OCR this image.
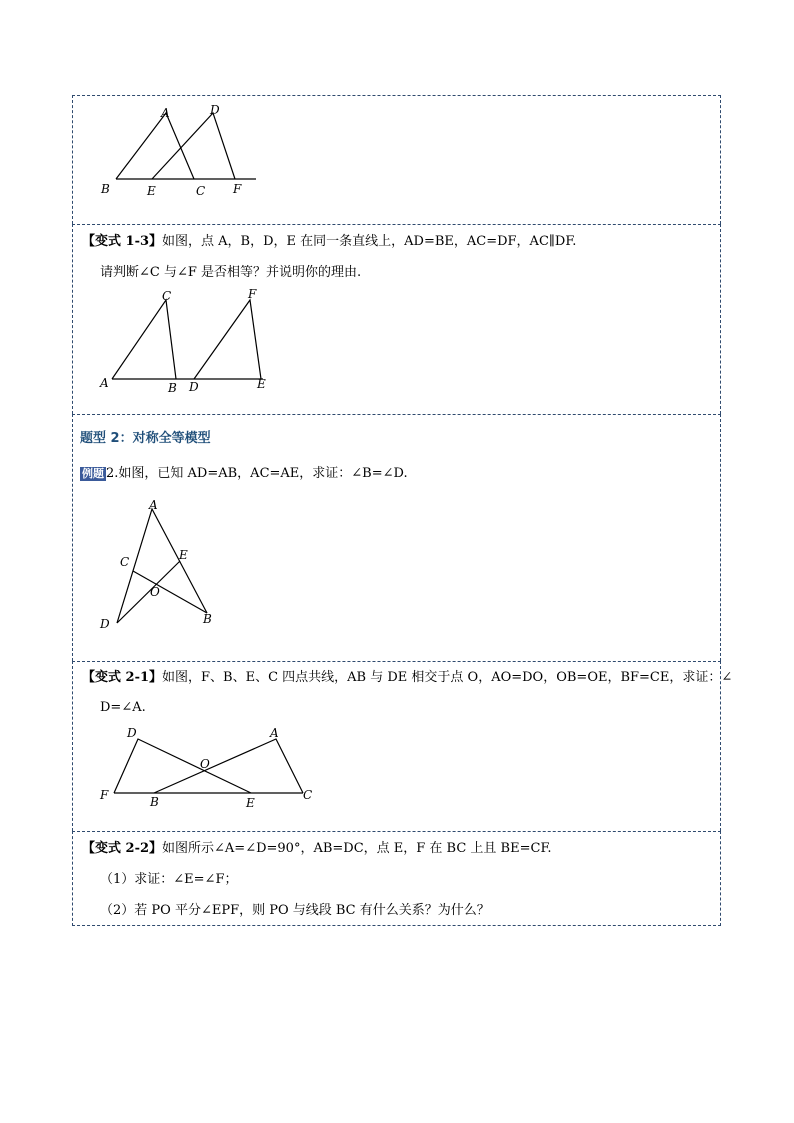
A	D
B	E	C F
【变式 1-3】如图，点 A，B，D，E 在同一条直线上，AD=BE，AC=DF，AC∥DF.
请判断∠C 与∠F 是否相等？并说明你的理由.
C	F
A	B D	E
题型 2：对称全等模型
例题 2.如图，已知 AD=AB，AC=AE，求证：∠B=∠D.
A
C	E
O
D	B
【变式 2-1】如图，F、B、E、C 四点共线，AB 与 DE 相交于点 O，AO=DO，OB=OE，BF=CE，求证：∠
D=∠A.
D	A
O
F	B	E
C
【变式 2-2】如图所示∠A=∠D=90°，AB=DC，点 E，F 在 BC 上且 BE=CF.
（1）求证：∠E=∠F；
（2）若 PO 平分∠EPF，则 PO 与线段 BC 有什么关系？为什么？
